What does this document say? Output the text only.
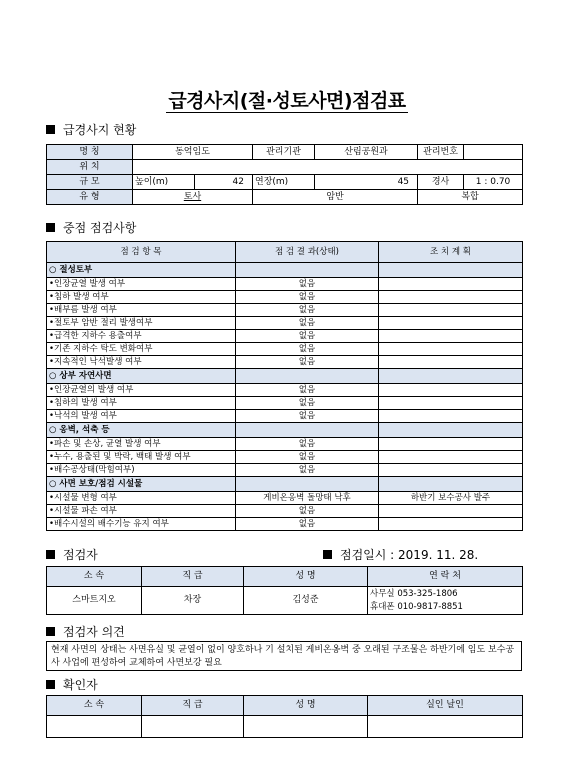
급경사지(절·성토사면)점검표
급경사지 현황
명 칭	동억임도		관리기관	산림공원과	관리번호	
위 치						
규 모	높이(m)	42	연장(m)	45	경사	1 : 0.70
유 형	토사		암반		복합	
중점 점검사항
점 검 항 목	점 검 결 과(상태)	조 치 계 획
○ 절성토부		
•인장균열 발생 여부	없음	
•침하 발생 여부	없음	
•배부름 발생 여부	없음	
•절토부 암반 절리 발생여부	없음	
•급격한 지하수 용출여부	없음	
•기존 지하수 탁도 변화여부	없음	
•지속적인 낙석발생 여부	없음	
○ 상부 자연사면		
•인장균열의 발생 여부	없음	
•침하의 발생 여부	없음	
•낙석의 발생 여부	없음	
○ 옹벽, 석축 등		
•파손 및 손상, 균열 발생 여부	없음	
•누수, 용출된 및 박락, 백태 발생 여부	없음	
•배수공상태(막힘여부)	없음	
○ 사면 보호/점검 시설물		
•시설물 변형 여부	게비온옹벽 돌망태 낙후	하반기 보수공사 발주
•시설물 파손 여부	없음	
•배수시설의 배수기능 유지 여부	없음	
점검자	점검일시 : 2019. 11. 28.
소 속	직 급	성 명	연 락 처
스마트지오	차장	김성준	사무실 053-325-1806
휴대폰 010-9817-8851
점검자 의견
현재 사면의 상태는 사면유실 및 균열이 없이 양호하나 기 설치된 게비온옹벽 중 오래된 구조물은 하반기에 임도 보수공사 사업에 편성하여 교체하여 사면보강 필요
확인자
소 속	직 급	성 명	실인 날인
